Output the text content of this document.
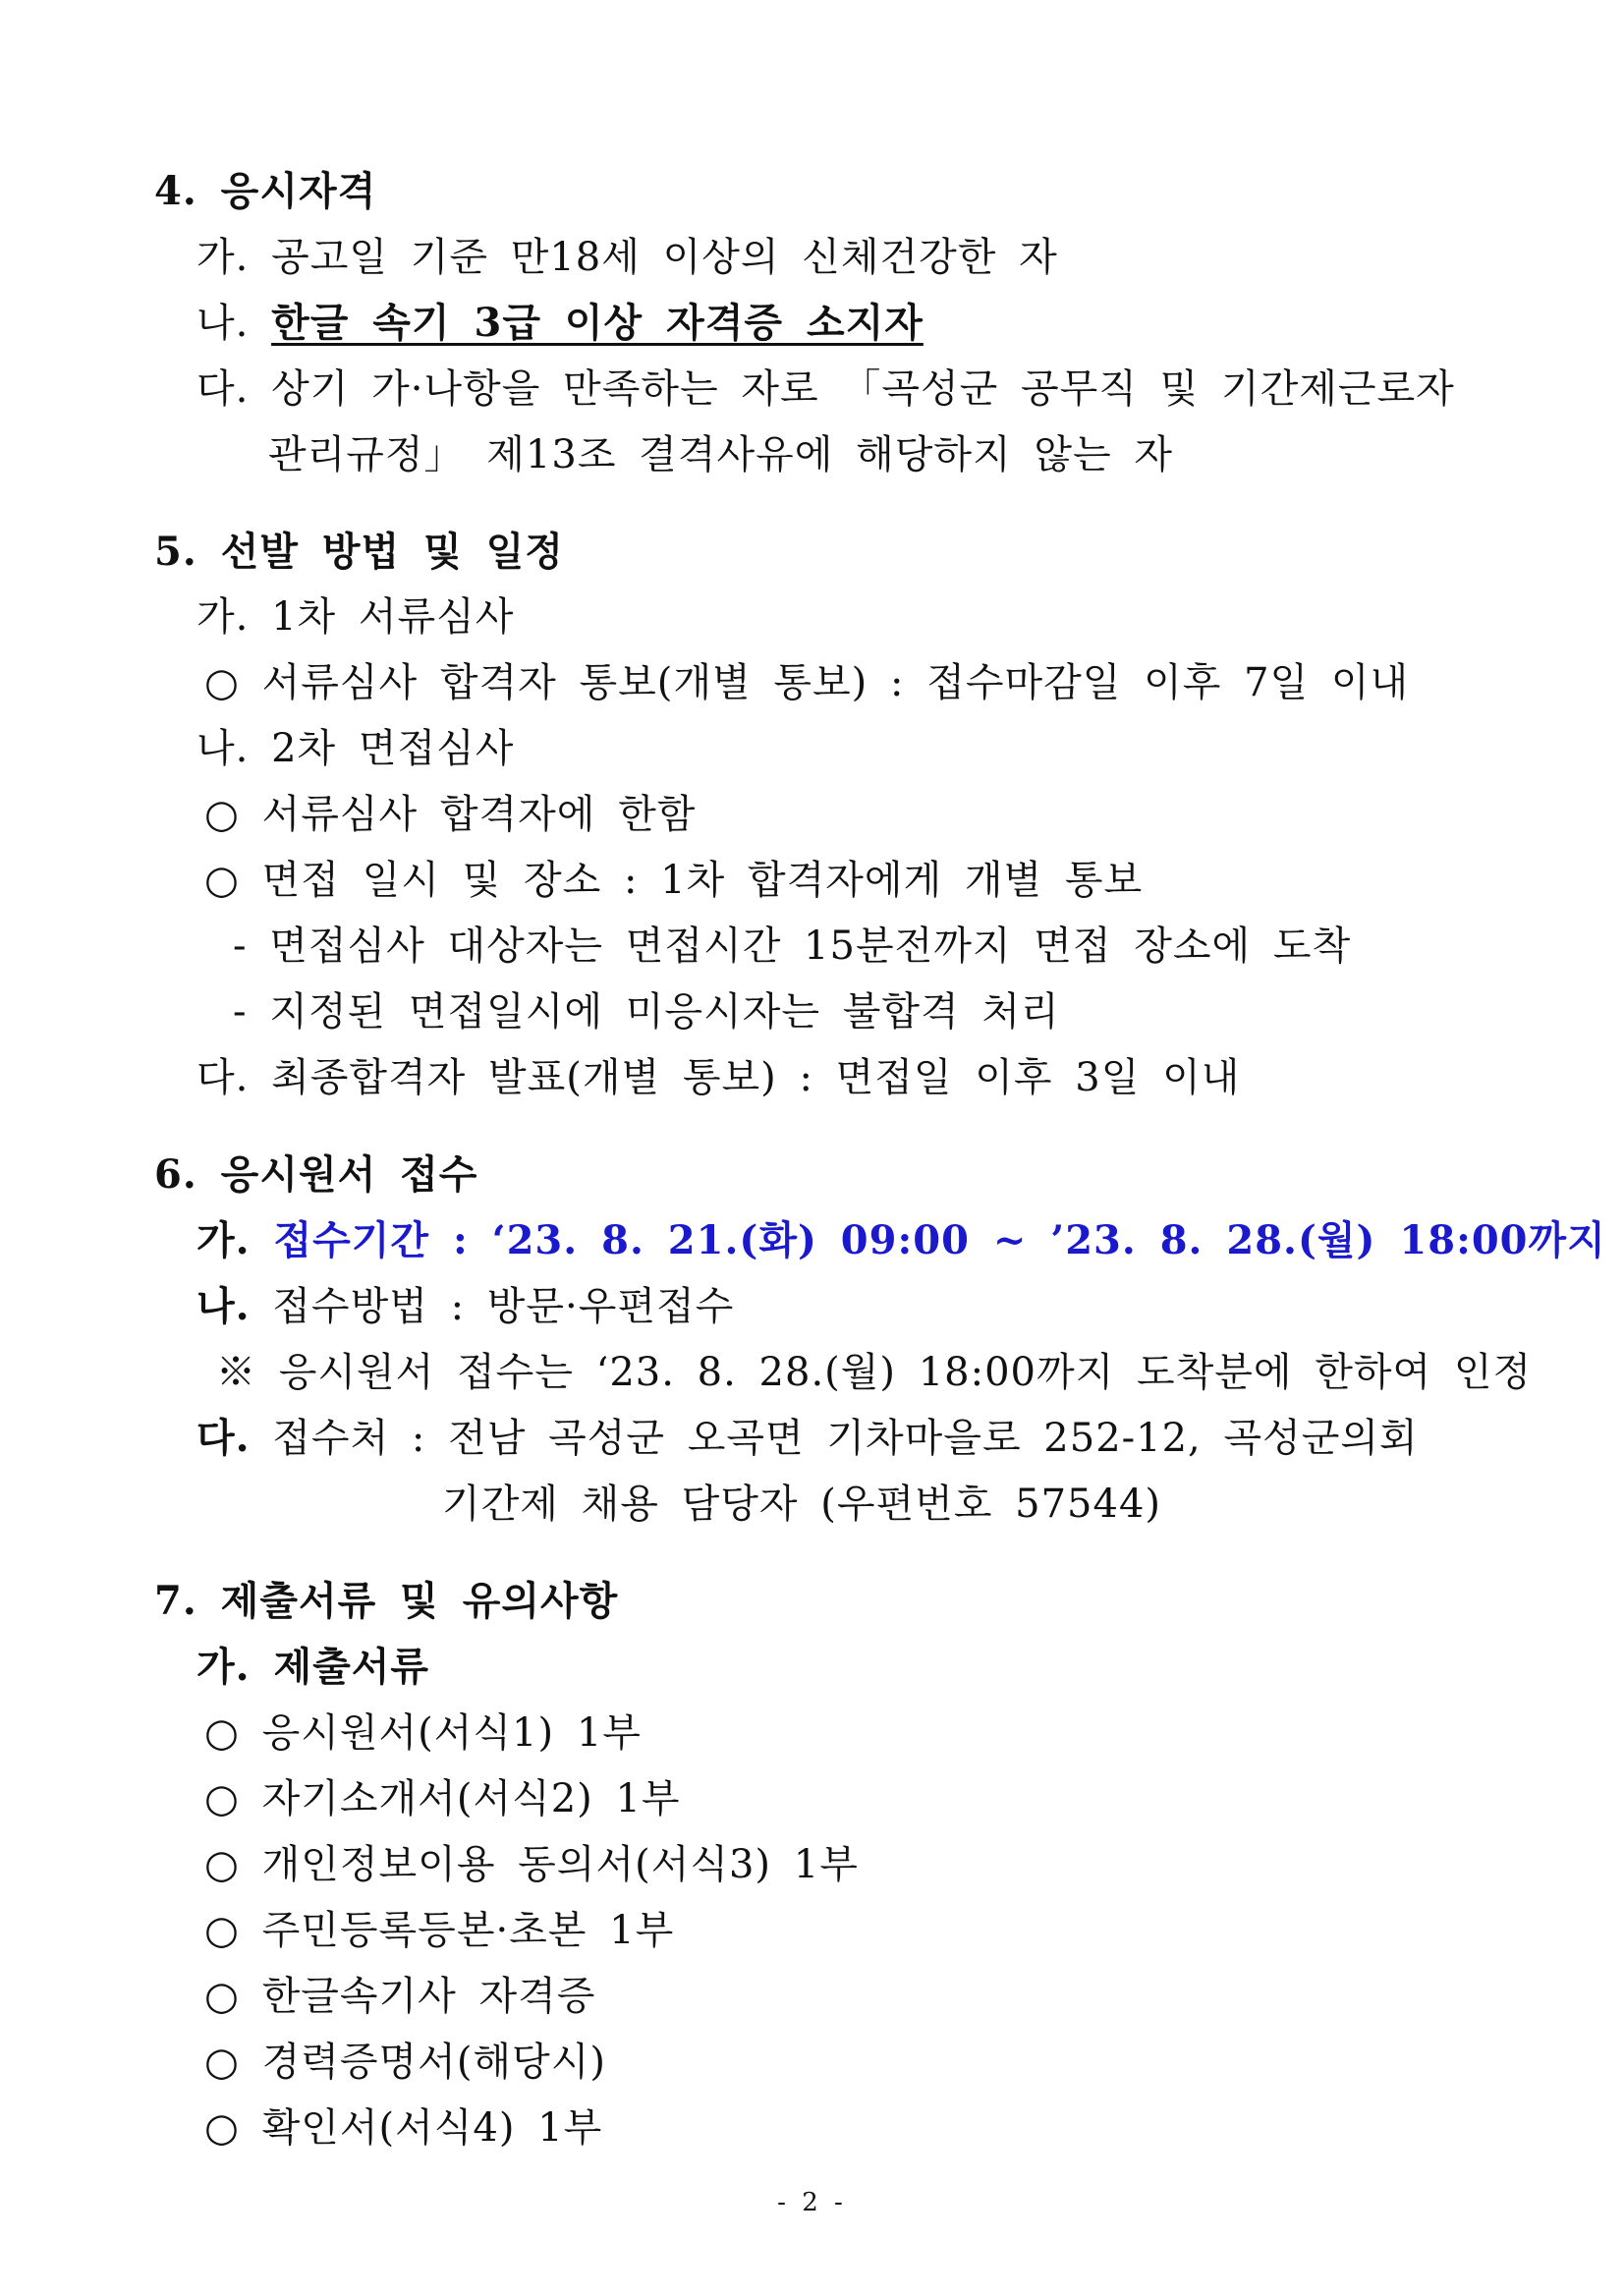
4. 응시자격
가. 공고일 기준 만18세 이상의 신체건강한 자
나. 한글 속기 3급 이상 자격증 소지자
다. 상기 가·나항을 만족하는 자로 「곡성군 공무직 및 기간제근로자
관리규정」 제13조 결격사유에 해당하지 않는 자
5. 선발 방법 및 일정
가. 1차 서류심사
○ 서류심사 합격자 통보(개별 통보) : 접수마감일 이후 7일 이내
나. 2차 면접심사
○ 서류심사 합격자에 한함
○ 면접 일시 및 장소 : 1차 합격자에게 개별 통보
- 면접심사 대상자는 면접시간 15분전까지 면접 장소에 도착
- 지정된 면접일시에 미응시자는 불합격 처리
다. 최종합격자 발표(개별 통보) : 면접일 이후 3일 이내
6. 응시원서 접수
가. 접수기간 : ‘23. 8. 21.(화) 09:00 ~ ’23. 8. 28.(월) 18:00까지
나. 접수방법 : 방문·우편접수
※ 응시원서 접수는 ‘23. 8. 28.(월) 18:00까지 도착분에 한하여 인정
다. 접수처 : 전남 곡성군 오곡면 기차마을로 252-12, 곡성군의회
기간제 채용 담당자 (우편번호 57544)
7. 제출서류 및 유의사항
가. 제출서류
○ 응시원서(서식1) 1부
○ 자기소개서(서식2) 1부
○ 개인정보이용 동의서(서식3) 1부
○ 주민등록등본·초본 1부
○ 한글속기사 자격증
○ 경력증명서(해당시)
○ 확인서(서식4) 1부
- 2 -
